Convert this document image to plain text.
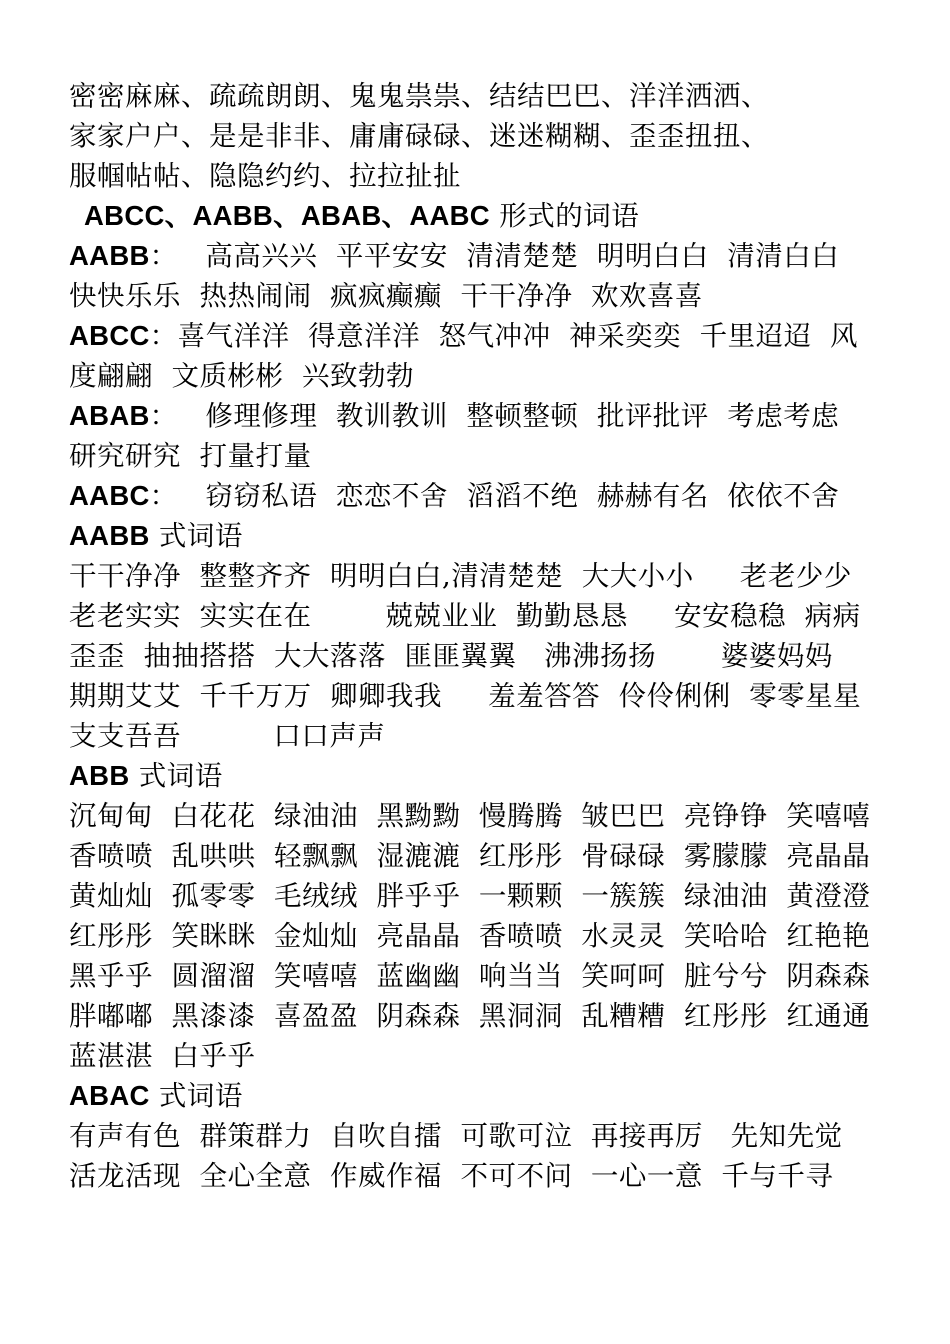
密密麻麻、疏疏朗朗、鬼鬼祟祟、结结巴巴、洋洋洒洒、
家家户户、是是非非、庸庸碌碌、迷迷糊糊、歪歪扭扭、
服帼帖帖、隐隐约约、拉拉扯扯
ABCC、AABB、ABAB、AABC 形式的词语
AABB：   高高兴兴  平平安安  清清楚楚  明明白白  清清白白
快快乐乐  热热闹闹  疯疯癫癫  干干净净  欢欢喜喜
ABCC：喜气洋洋  得意洋洋  怒气冲冲  神采奕奕  千里迢迢  风
度翩翩  文质彬彬  兴致勃勃
ABAB：   修理修理  教训教训  整顿整顿  批评批评  考虑考虑
研究研究  打量打量
AABC：   窃窃私语  恋恋不舍  滔滔不绝  赫赫有名  依依不舍
AABB 式词语
干干净净  整整齐齐  明明白白,清清楚楚  大大小小     老老少少
老老实实  实实在在        兢兢业业  勤勤恳恳     安安稳稳  病病
歪歪  抽抽搭搭  大大落落  匪匪翼翼   沸沸扬扬       婆婆妈妈
期期艾艾  千千万万  卿卿我我     羞羞答答  伶伶俐俐  零零星星
支支吾吾          口口声声
ABB 式词语
沉甸甸  白花花  绿油油  黑黝黝  慢腾腾  皱巴巴  亮铮铮  笑嘻嘻
香喷喷  乱哄哄  轻飘飘  湿漉漉  红彤彤  骨碌碌  雾朦朦  亮晶晶
黄灿灿  孤零零  毛绒绒  胖乎乎  一颗颗  一簇簇  绿油油  黄澄澄
红彤彤  笑眯眯  金灿灿  亮晶晶  香喷喷  水灵灵  笑哈哈  红艳艳
黑乎乎  圆溜溜  笑嘻嘻  蓝幽幽  响当当  笑呵呵  脏兮兮  阴森森
胖嘟嘟  黑漆漆  喜盈盈  阴森森  黑洞洞  乱糟糟  红彤彤  红通通
蓝湛湛  白乎乎
ABAC 式词语
有声有色  群策群力  自吹自擂  可歌可泣  再接再厉   先知先觉
活龙活现  全心全意  作威作福  不可不问  一心一意  千与千寻
